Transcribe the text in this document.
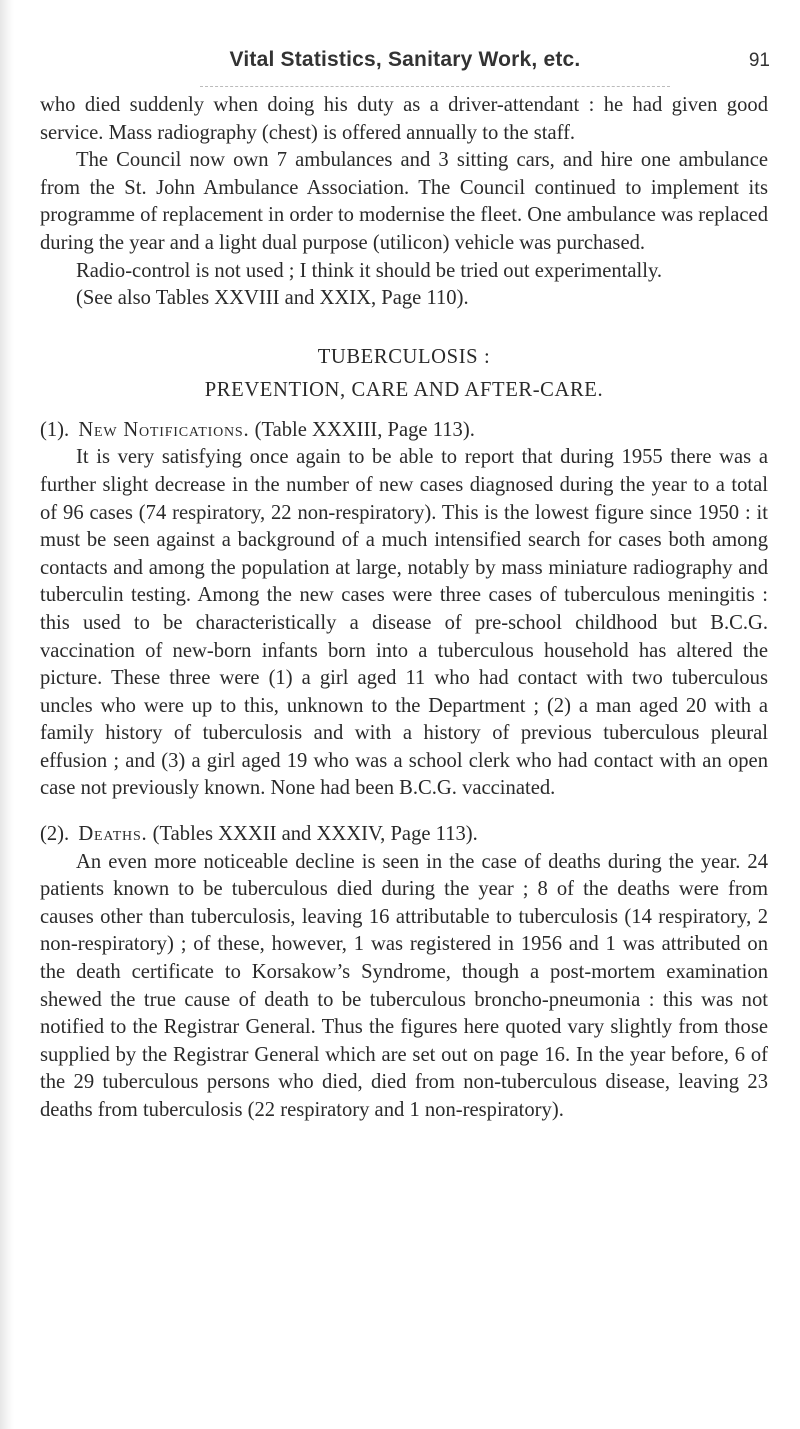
Vital Statistics, Sanitary Work, etc.	91

who died suddenly when doing his duty as a driver-attendant : he had given good service. Mass radiography (chest) is offered annually to the staff.

The Council now own 7 ambulances and 3 sitting cars, and hire one ambulance from the St. John Ambulance Association. The Council continued to implement its programme of replacement in order to modernise the fleet. One ambulance was replaced during the year and a light dual purpose (utilicon) vehicle was purchased.

Radio-control is not used ; I think it should be tried out experimentally.

(See also Tables XXVIII and XXIX, Page 110).

TUBERCULOSIS :
PREVENTION, CARE AND AFTER-CARE.
(1). New Notifications. (Table XXXIII, Page 113).

It is very satisfying once again to be able to report that during 1955 there was a further slight decrease in the number of new cases diagnosed during the year to a total of 96 cases (74 respiratory, 22 non-respiratory). This is the lowest figure since 1950 : it must be seen against a background of a much intensified search for cases both among contacts and among the population at large, notably by mass miniature radiography and tuberculin testing. Among the new cases were three cases of tuberculous meningitis : this used to be characteristically a disease of pre-school childhood but B.C.G. vaccination of new-born infants born into a tuberculous household has altered the picture. These three were (1) a girl aged 11 who had contact with two tuberculous uncles who were up to this, unknown to the Department ; (2) a man aged 20 with a family history of tuberculosis and with a history of previous tuberculous pleural effusion ; and (3) a girl aged 19 who was a school clerk who had contact with an open case not previously known. None had been B.C.G. vaccinated.

(2). Deaths. (Tables XXXII and XXXIV, Page 113).

An even more noticeable decline is seen in the case of deaths during the year. 24 patients known to be tuberculous died during the year ; 8 of the deaths were from causes other than tuberculosis, leaving 16 attributable to tuberculosis (14 respiratory, 2 non-respiratory) ; of these, however, 1 was registered in 1956 and 1 was attributed on the death certificate to Korsakow’s Syndrome, though a post-mortem examination shewed the true cause of death to be tuberculous broncho-pneumonia : this was not notified to the Registrar General. Thus the figures here quoted vary slightly from those supplied by the Registrar General which are set out on page 16. In the year before, 6 of the 29 tuberculous persons who died, died from non-tuberculous disease, leaving 23 deaths from tuberculosis (22 respiratory and 1 non-respiratory).
